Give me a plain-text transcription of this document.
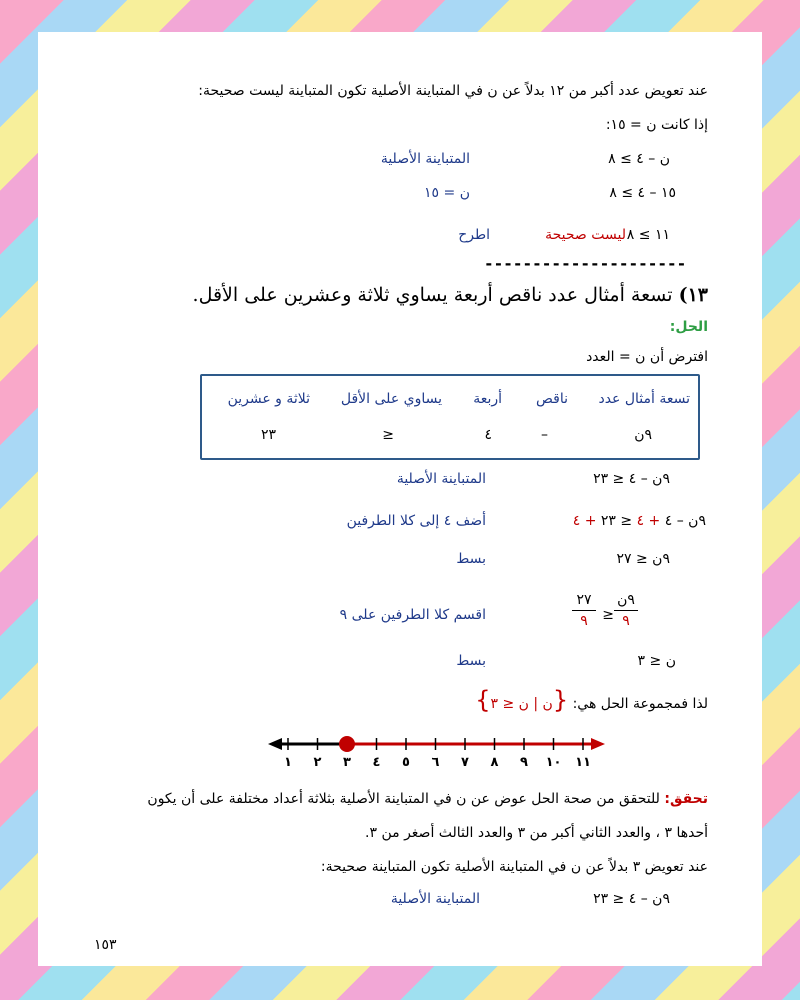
عند تعويض عدد أكبر من ١٢ بدلاً عن ن في المتباينة الأصلية تكون المتباينة ليست صحيحة:
إذا كانت ن = ١٥:
ن – ٤ ≥ ٨
المتباينة الأصلية
١٥ – ٤ ≥ ٨
ن = ١٥
١١ ≥ ٨
ليست صحيحة
اطرح
---------------------
١٣) تسعة أمثال عدد ناقص أربعة يساوي ثلاثة وعشرين على الأقل.
الحل:
افترض أن ن = العدد
تسعة أمثال عدد
ناقص
أربعة
يساوي على الأقل
ثلاثة و عشرين
٩ن
–
٤
≤
٢٣
٩ن – ٤ ≤ ٢٣
المتباينة الأصلية
٩ن – ٤ + ٤ ≤ ٢٣ + ٤
أضف ٤ إلى كلا الطرفين
٩ن ≤ ٢٧
بسط
٩ن
٩
≤
٢٧
٩
اقسم كلا الطرفين على ٩
ن ≤ ٣
بسط
لذا فمجموعة الحل هي: {ن | ن ≤ ٣}
١ ٢ ٣ ٤ ٥ ٦ ٧ ٨ ٩ ١٠ ١١
تحقق: للتحقق من صحة الحل عوض عن ن في المتباينة الأصلية بثلاثة أعداد مختلفة على أن يكون
أحدها ٣ ، والعدد الثاني أكبر من ٣ والعدد الثالث أصغر من ٣.
عند تعويض ٣ بدلاً عن ن في المتباينة الأصلية تكون المتباينة صحيحة:
٩ن – ٤ ≤ ٢٣
المتباينة الأصلية
١٥٣
